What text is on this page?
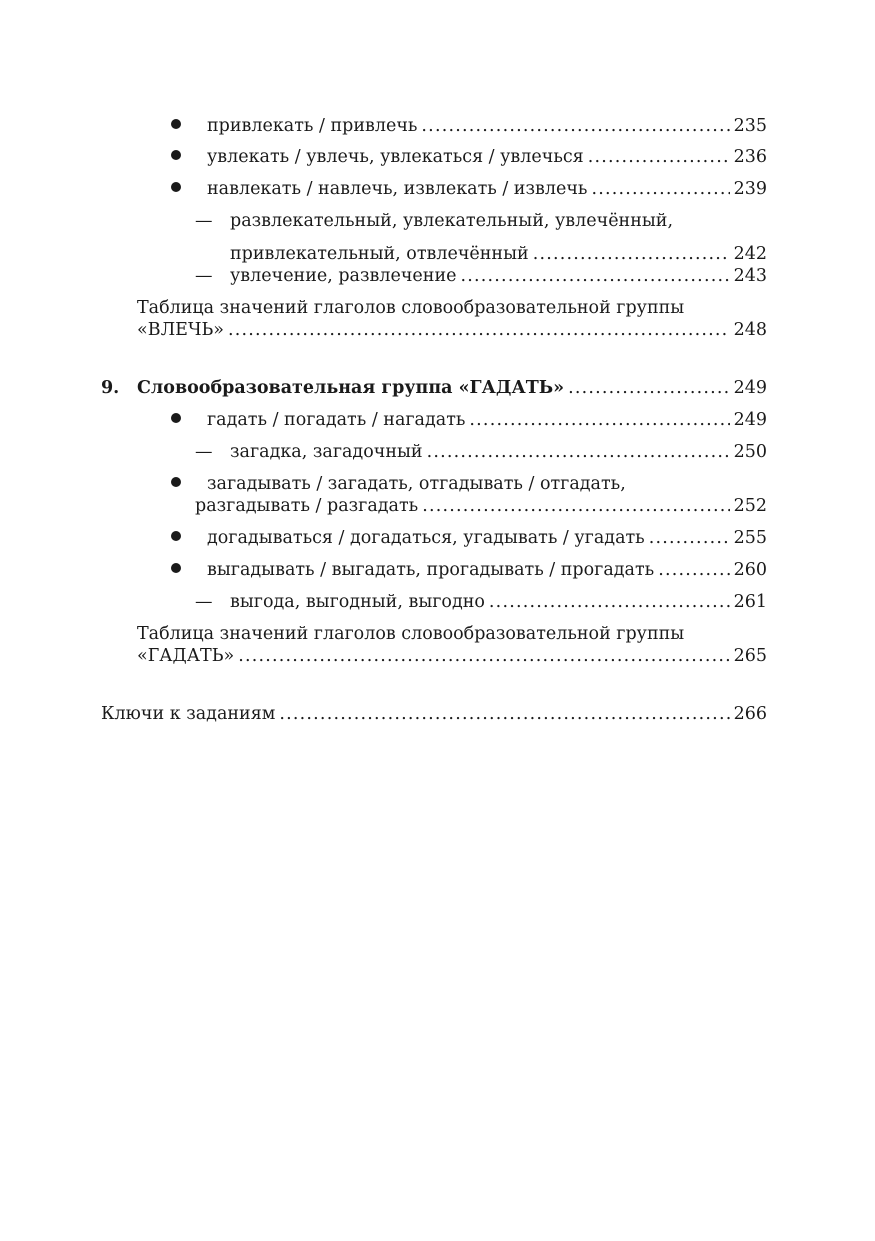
привлекать / привлечь .....	235
увлекать / увлечь, увлекаться / увлечься .....	236
навлекать / навлечь, извлекать / извлечь .....	239
— развлекательный, увлекательный, увлечённый,
привлекательный, отвлечённый .....	242
— увлечение, развлечение .....	243
Таблица значений глаголов словообразовательной группы
«ВЛЕЧЬ» .....	248
9. Словообразовательная группа «ГАДАТЬ» .....	249
гадать / погадать / нагадать .....	249
— загадка, загадочный .....	250
загадывать / загадать, отгадывать / отгадать,
разгадывать / разгадать .....	252
догадываться / догадаться, угадывать / угадать .....	255
выгадывать / выгадать, прогадывать / прогадать .....	260
— выгода, выгодный, выгодно .....	261
Таблица значений глаголов словообразовательной группы
«ГАДАТЬ» .....	265
Ключи к заданиям .....	266
